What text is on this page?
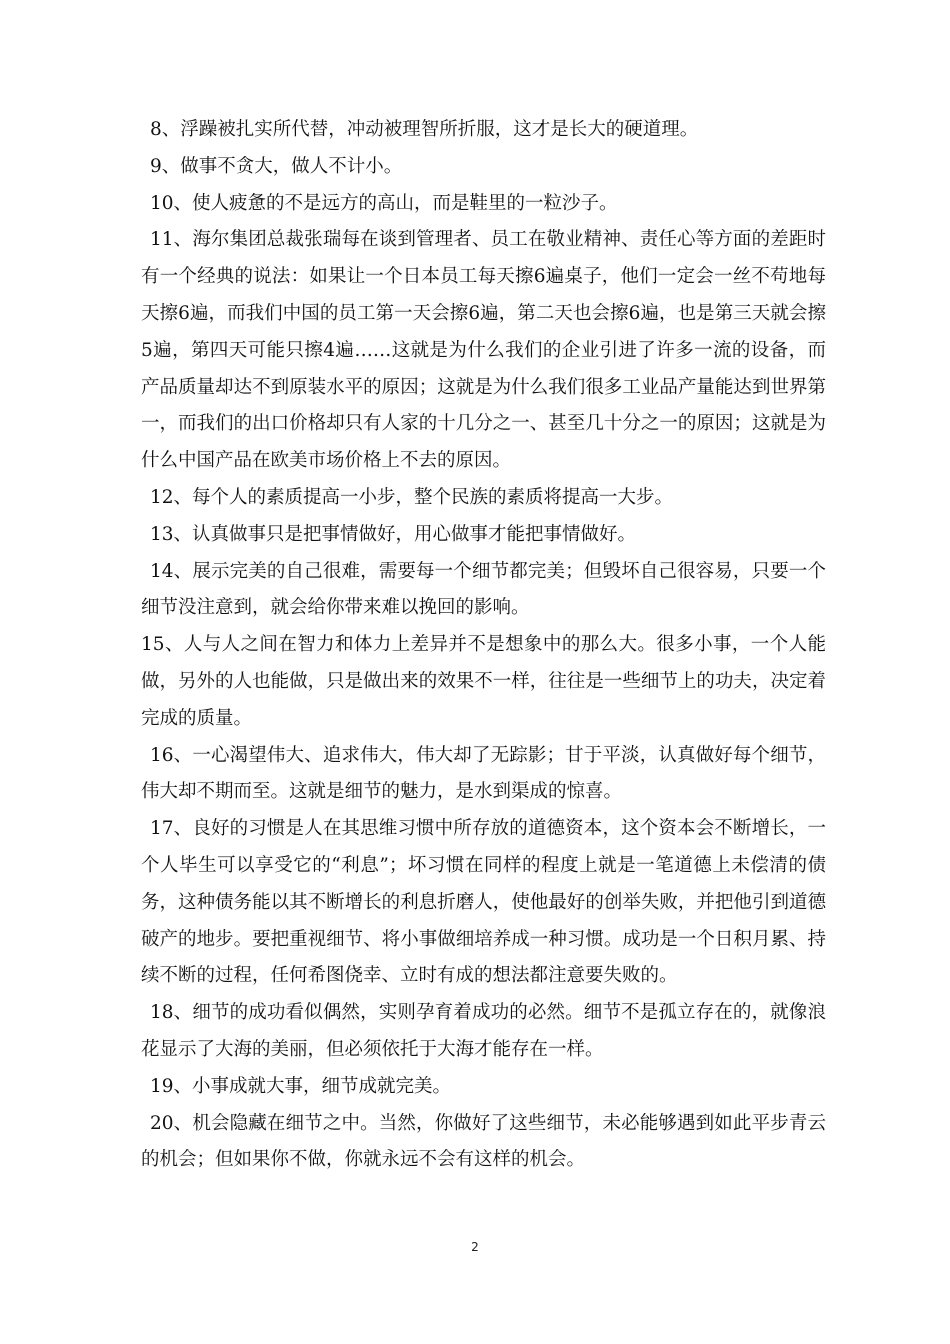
8、浮躁被扎实所代替，冲动被理智所折服，这才是长大的硬道理。

9、做事不贪大，做人不计小。

10、使人疲惫的不是远方的高山，而是鞋里的一粒沙子。

11、海尔集团总裁张瑞每在谈到管理者、员工在敬业精神、责任心等方面的差距时有一个经典的说法：如果让一个日本员工每天擦6遍桌子，他们一定会一丝不苟地每天擦6遍，而我们中国的员工第一天会擦6遍，第二天也会擦6遍，也是第三天就会擦5遍，第四天可能只擦4遍……这就是为什么我们的企业引进了许多一流的设备，而产品质量却达不到原装水平的原因；这就是为什么我们很多工业品产量能达到世界第一，而我们的出口价格却只有人家的十几分之一、甚至几十分之一的原因；这就是为什么中国产品在欧美市场价格上不去的原因。

12、每个人的素质提高一小步，整个民族的素质将提高一大步。

13、认真做事只是把事情做好，用心做事才能把事情做好。

14、展示完美的自己很难，需要每一个细节都完美；但毁坏自己很容易，只要一个细节没注意到，就会给你带来难以挽回的影响。

15、人与人之间在智力和体力上差异并不是想象中的那么大。很多小事，一个人能做，另外的人也能做，只是做出来的效果不一样，往往是一些细节上的功夫，决定着完成的质量。

16、一心渴望伟大、追求伟大，伟大却了无踪影；甘于平淡，认真做好每个细节，伟大却不期而至。这就是细节的魅力，是水到渠成的惊喜。

17、良好的习惯是人在其思维习惯中所存放的道德资本，这个资本会不断增长，一个人毕生可以享受它的“利息”；坏习惯在同样的程度上就是一笔道德上未偿清的债务，这种债务能以其不断增长的利息折磨人，使他最好的创举失败，并把他引到道德破产的地步。要把重视细节、将小事做细培养成一种习惯。成功是一个日积月累、持续不断的过程，任何希图侥幸、立时有成的想法都注意要失败的。

18、细节的成功看似偶然，实则孕育着成功的必然。细节不是孤立存在的，就像浪花显示了大海的美丽，但必须依托于大海才能存在一样。

19、小事成就大事，细节成就完美。

20、机会隐藏在细节之中。当然，你做好了这些细节，未必能够遇到如此平步青云的机会；但如果你不做，你就永远不会有这样的机会。

2
